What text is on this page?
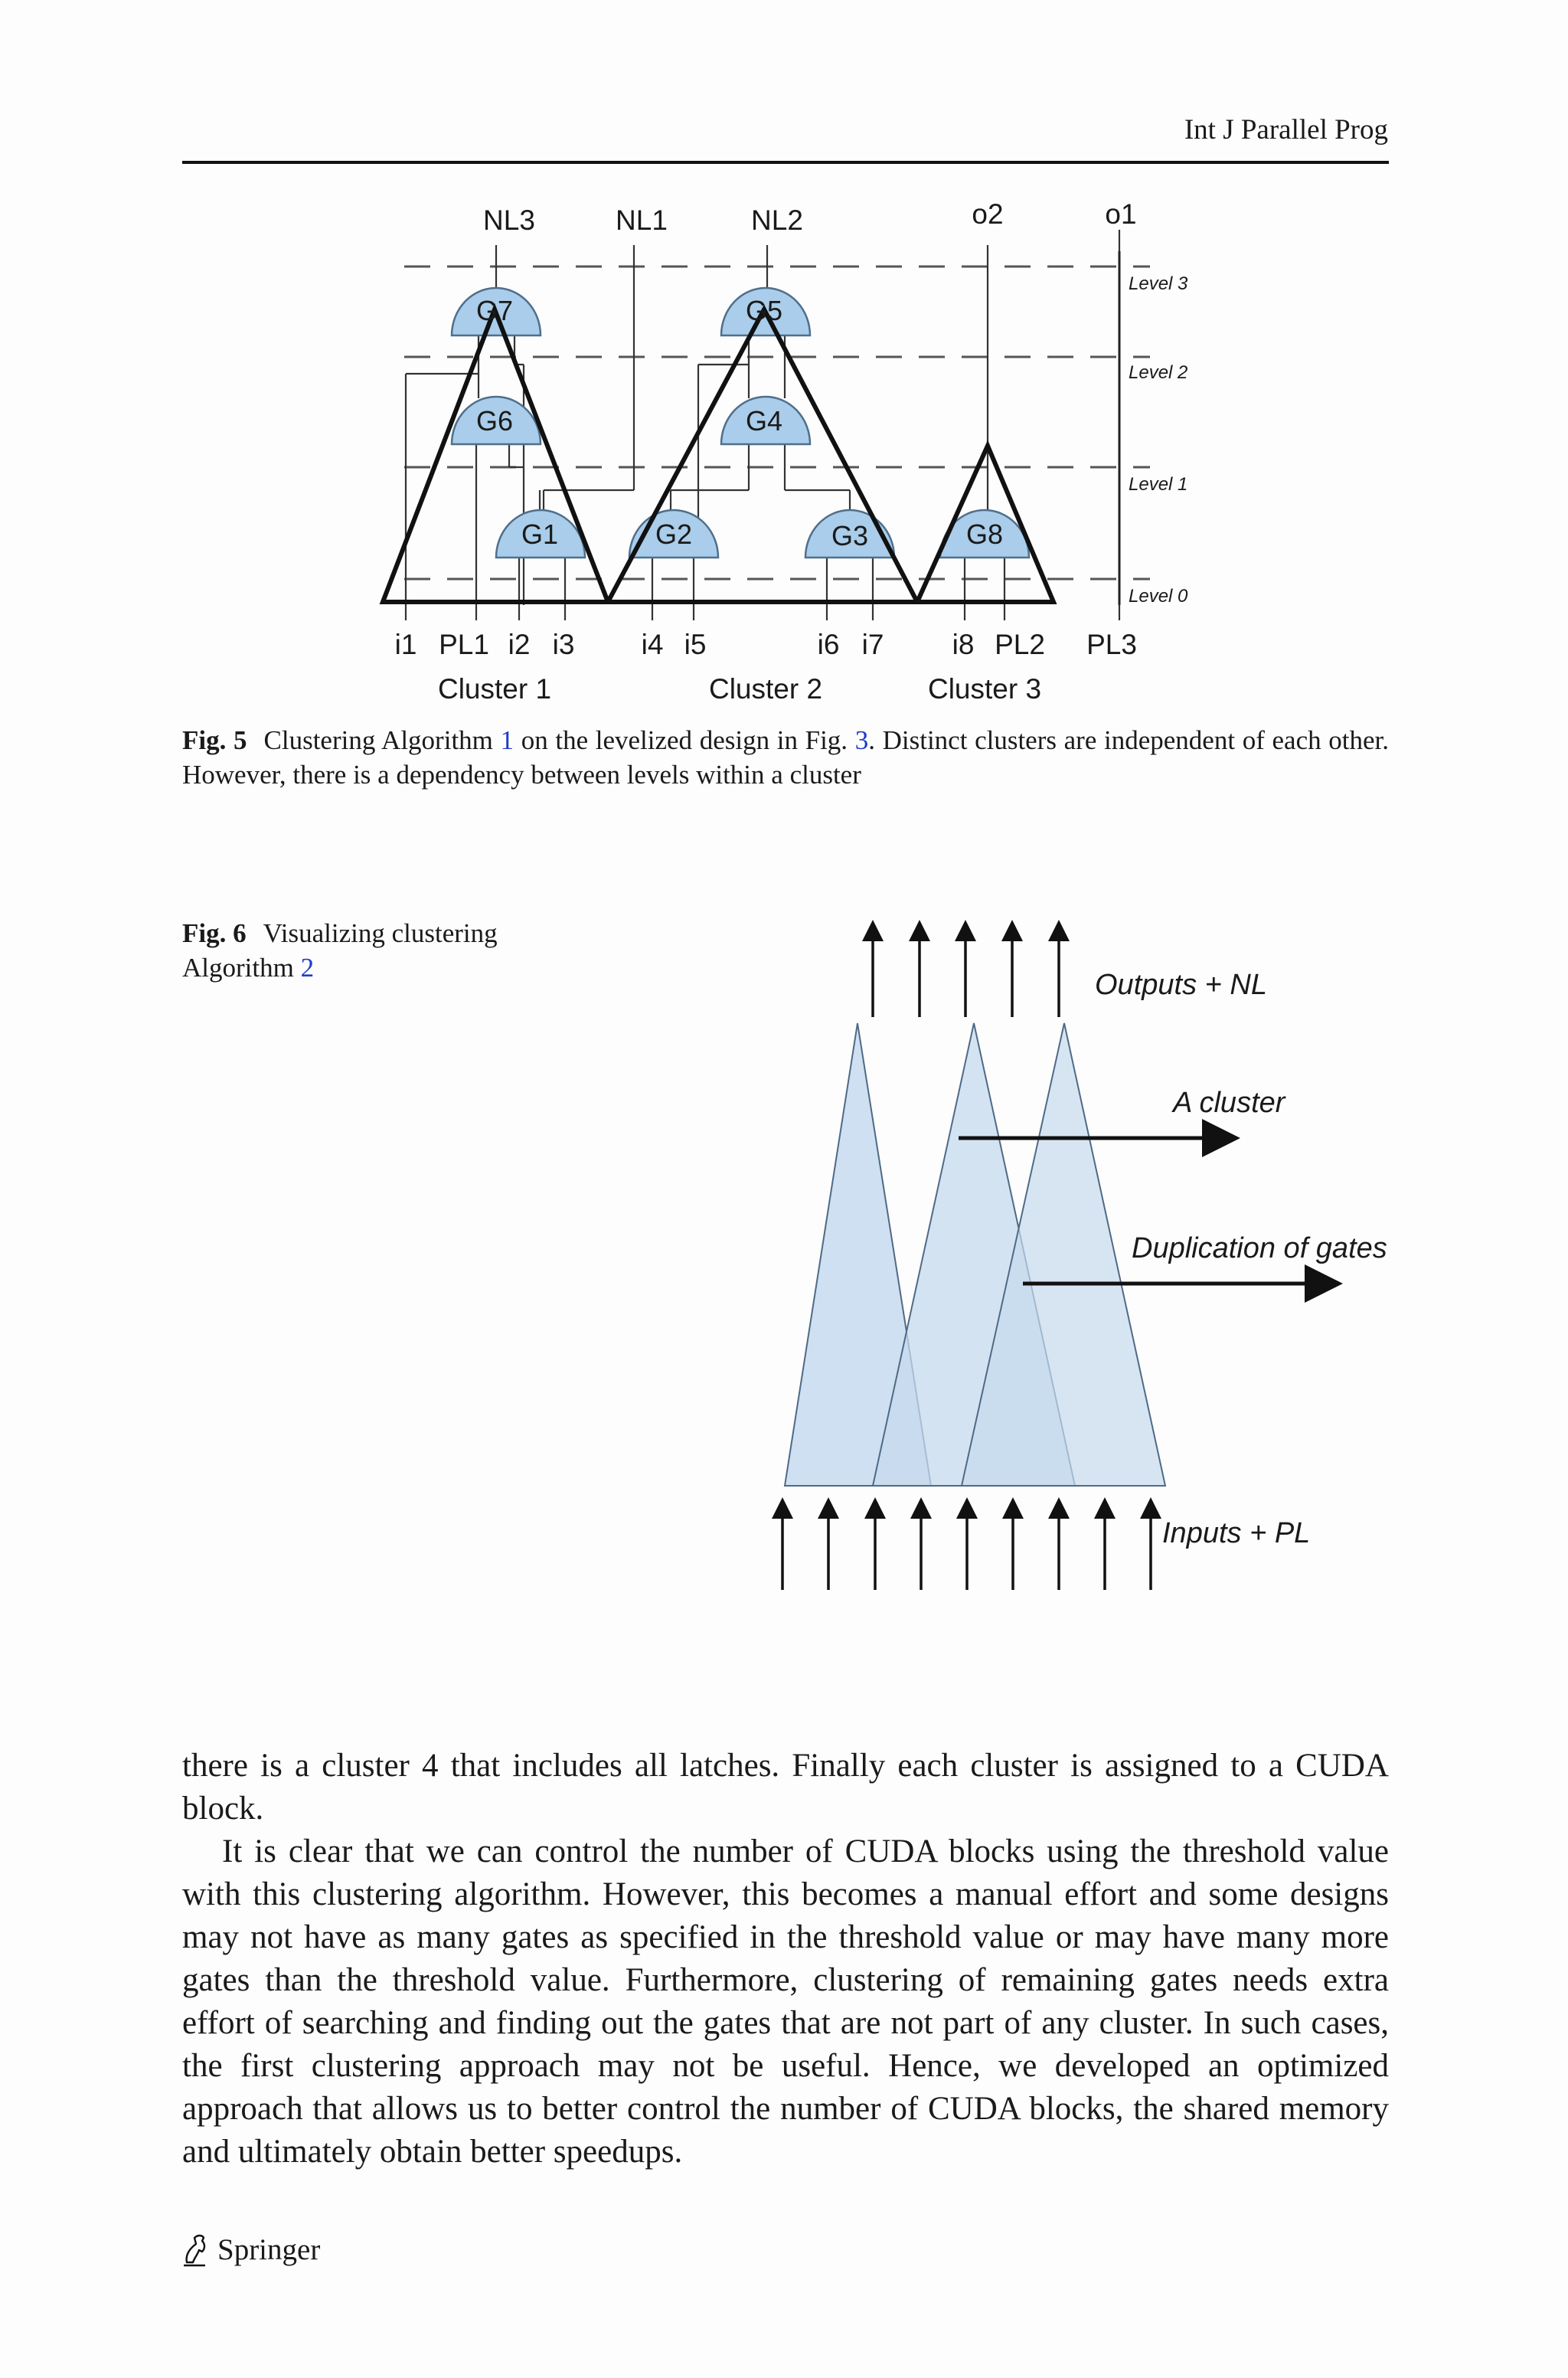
Int J Parallel Prog
G7	G5
G6	G4
G1	G2	G3	G8
NL3	NL1	NL2	o2	o1
Level 3
Level 2
Level 1
Level 0
i1 PL1 i2 i3 i4 i5	i6 i7 i8 PL2 PL3
Cluster 1	Cluster 2	Cluster 3
Fig. 5 Clustering Algorithm 1 on the levelized design in Fig. 3. Distinct clusters are independent of each other. However, there is a dependency between levels within a cluster
Fig. 6 Visualizing clustering Algorithm 2
Outputs + NL
A cluster
Duplication of gates
Inputs + PL

there is a cluster 4 that includes all latches. Finally each cluster is assigned to a CUDA block.

It is clear that we can control the number of CUDA blocks using the threshold value with this clustering algorithm. However, this becomes a manual effort and some designs may not have as many gates as specified in the threshold value or may have many more gates than the threshold value. Furthermore, clustering of remaining gates needs extra effort of searching and finding out the gates that are not part of any cluster. In such cases, the first clustering approach may not be useful. Hence, we developed an optimized approach that allows us to better control the number of CUDA blocks, the shared memory and ultimately obtain better speedups.

Springer
